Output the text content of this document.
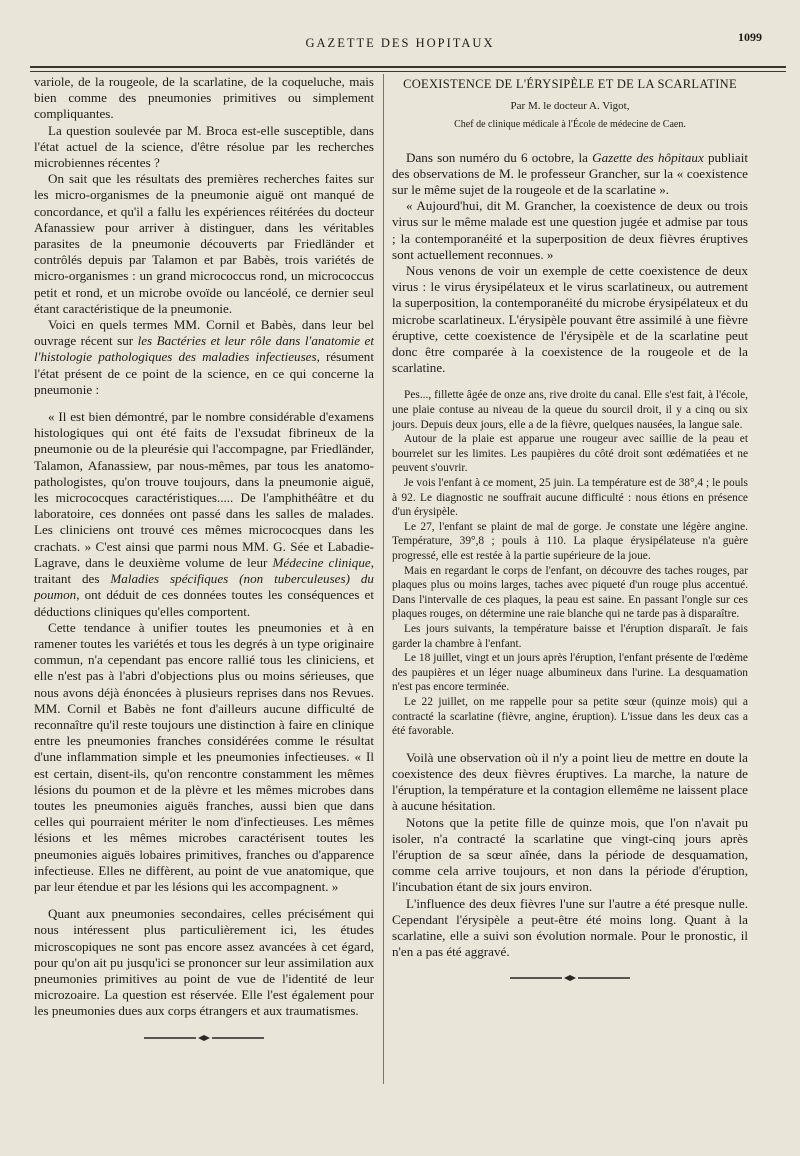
GAZETTE DES HOPITAUX	1099

variole, de la rougeole, de la scarlatine, de la coqueluche, mais bien comme des pneumonies primitives ou simplement compliquantes.

La question soulevée par M. Broca est-elle susceptible, dans l'état actuel de la science, d'être résolue par les recherches microbiennes récentes ?

On sait que les résultats des premières recherches faites sur les micro-organismes de la pneumonie aiguë ont manqué de concordance, et qu'il a fallu les expériences réitérées du docteur Afanassiew pour arriver à distinguer, dans les véritables parasites de la pneumonie découverts par Friedländer et contrôlés depuis par Talamon et par Babès, trois variétés de micro-organismes : un grand micrococcus rond, un micrococcus petit et rond, et un microbe ovoïde ou lancéolé, ce dernier seul étant caractéristique de la pneumonie.

Voici en quels termes MM. Cornil et Babès, dans leur bel ouvrage récent sur les Bactéries et leur rôle dans l'anatomie et l'histologie pathologiques des maladies infectieuses, résument l'état présent de ce point de la science, en ce qui concerne la pneumonie :

« Il est bien démontré, par le nombre considérable d'examens histologiques qui ont été faits de l'exsudat fibrineux de la pneumonie ou de la pleurésie qui l'accompagne, par Friedländer, Talamon, Afanassiew, par nous-mêmes, par tous les anatomo-pathologistes, qu'on trouve toujours, dans la pneumonie aiguë, les micrococques caractéristiques..... De l'amphithéâtre et du laboratoire, ces données ont passé dans les salles de malades. Les cliniciens ont trouvé ces mêmes micrococques dans les crachats. » C'est ainsi que parmi nous MM. G. Sée et Labadie-Lagrave, dans le deuxième volume de leur Médecine clinique, traitant des Maladies spécifiques (non tuberculeuses) du poumon, ont déduit de ces données toutes les conséquences et déductions cliniques qu'elles comportent.

Cette tendance à unifier toutes les pneumonies et à en ramener toutes les variétés et tous les degrés à un type originaire commun, n'a cependant pas encore rallié tous les cliniciens, et elle n'est pas à l'abri d'objections plus ou moins sérieuses, que nous avons déjà énoncées à plusieurs reprises dans nos Revues. MM. Cornil et Babès ne font d'ailleurs aucune difficulté de reconnaître qu'il reste toujours une distinction à faire en clinique entre les pneumonies franches considérées comme le résultat d'une inflammation simple et les pneumonies infectieuses. « Il est certain, disent-ils, qu'on rencontre constamment les mêmes lésions du poumon et de la plèvre et les mêmes microbes dans toutes les pneumonies aiguës franches, aussi bien que dans celles qui pourraient mériter le nom d'infectieuses. Les mêmes lésions et les mêmes microbes caractérisent toutes les pneumonies aiguës lobaires primitives, franches ou d'apparence infectieuse. Elles ne diffèrent, au point de vue anatomique, que par leur étendue et par les lésions qui les accompagnent. »

Quant aux pneumonies secondaires, celles précisément qui nous intéressent plus particulièrement ici, les études microscopiques ne sont pas encore assez avancées à cet égard, pour qu'on ait pu jusqu'ici se prononcer sur leur assimilation aux pneumonies primitives au point de vue de l'identité de leur microzoaire. La question est réservée. Elle l'est également pour les pneumonies dues aux corps étrangers et aux traumatismes.

COEXISTENCE DE L'ÉRYSIPÈLE ET DE LA SCARLATINE
Par M. le docteur A. Vigot,
Chef de clinique médicale à l'École de médecine de Caen.

Dans son numéro du 6 octobre, la Gazette des hôpitaux publiait des observations de M. le professeur Grancher, sur la « coexistence sur le même sujet de la rougeole et de la scarlatine ».

« Aujourd'hui, dit M. Grancher, la coexistence de deux ou trois virus sur le même malade est une question jugée et admise par tous ; la contemporanéité et la superposition de deux fièvres éruptives sont actuellement reconnues. »

Nous venons de voir un exemple de cette coexistence de deux virus : le virus érysipélateux et le virus scarlatineux, ou autrement la superposition, la contemporanéité du microbe érysipélateux et du microbe scarlatineux. L'érysipèle pouvant être assimilé à une fièvre éruptive, cette coexistence de l'érysipèle et de la scarlatine peut donc être comparée à la coexistence de la rougeole et de la scarlatine.

Pes..., fillette âgée de onze ans, rive droite du canal. Elle s'est fait, à l'école, une plaie contuse au niveau de la queue du sourcil droit, il y a cinq ou six jours. Depuis deux jours, elle a de la fièvre, quelques nausées, la langue sale.

Autour de la plaie est apparue une rougeur avec saillie de la peau et bourrelet sur les limites. Les paupières du côté droit sont œdématiées et ne peuvent s'ouvrir.

Je vois l'enfant à ce moment, 25 juin. La température est de 38°,4 ; le pouls à 92. Le diagnostic ne souffrait aucune difficulté : nous étions en présence d'un érysipèle.

Le 27, l'enfant se plaint de mal de gorge. Je constate une légère angine. Température, 39°,8 ; pouls à 110. La plaque érysipélateuse n'a guère progressé, elle est restée à la partie supérieure de la joue.

Mais en regardant le corps de l'enfant, on découvre des taches rouges, par plaques plus ou moins larges, taches avec piqueté d'un rouge plus accentué. Dans l'intervalle de ces plaques, la peau est saine. En passant l'ongle sur ces plaques rouges, on détermine une raie blanche qui ne tarde pas à disparaître.

Les jours suivants, la température baisse et l'éruption disparaît. Je fais garder la chambre à l'enfant.

Le 18 juillet, vingt et un jours après l'éruption, l'enfant présente de l'œdème des paupières et un léger nuage albumineux dans l'urine. La desquamation n'est pas encore terminée.

Le 22 juillet, on me rappelle pour sa petite sœur (quinze mois) qui a contracté la scarlatine (fièvre, angine, éruption). L'issue dans les deux cas a été favorable.

Voilà une observation où il n'y a point lieu de mettre en doute la coexistence des deux fièvres éruptives. La marche, la nature de l'éruption, la température et la contagion ellemême ne laissent place à aucune hésitation.

Notons que la petite fille de quinze mois, que l'on n'avait pu isoler, n'a contracté la scarlatine que vingt-cinq jours après l'éruption de sa sœur aînée, dans la période de desquamation, comme cela arrive toujours, et non dans la période d'éruption, l'incubation étant de six jours environ.

L'influence des deux fièvres l'une sur l'autre a été presque nulle. Cependant l'érysipèle a peut-être été moins long. Quant à la scarlatine, elle a suivi son évolution normale. Pour le pronostic, il n'en a pas été aggravé.
